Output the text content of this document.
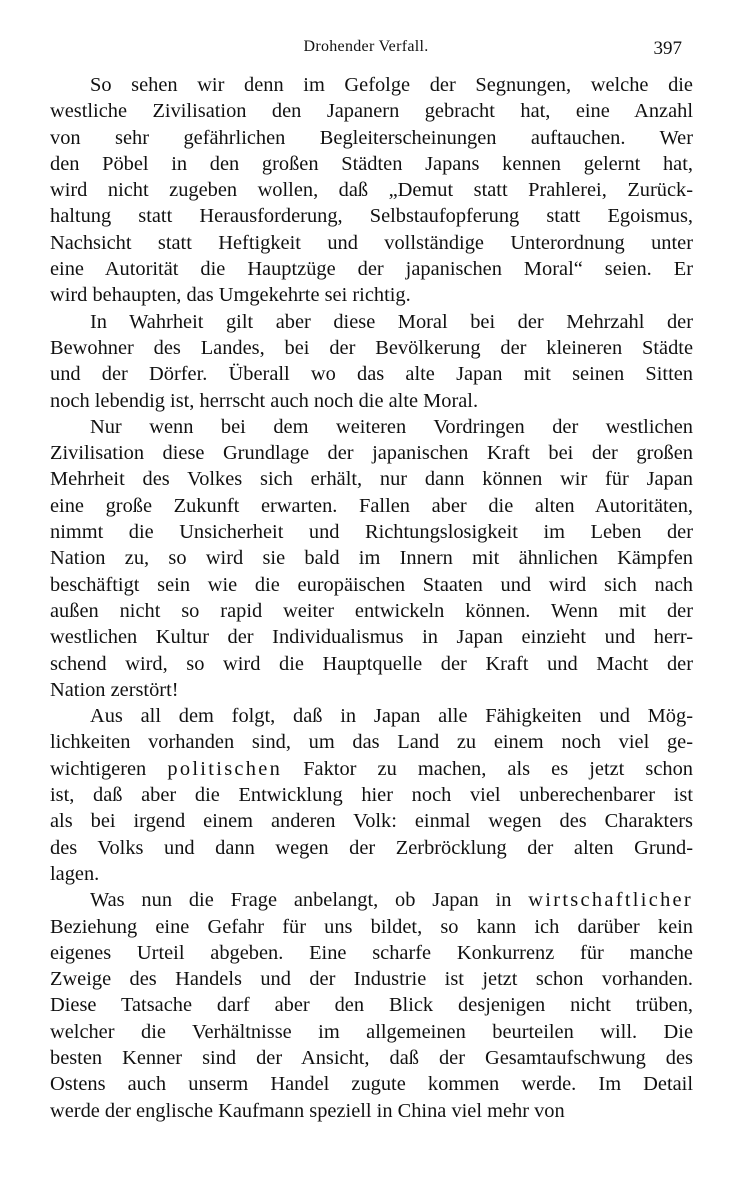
Drohender Verfall.	397
So sehen wir denn im Gefolge der Segnungen, welche die
westliche Zivilisation den Japanern gebracht hat, eine Anzahl
von sehr gefährlichen Begleiterscheinungen auftauchen. Wer
den Pöbel in den großen Städten Japans kennen gelernt hat,
wird nicht zugeben wollen, daß „Demut statt Prahlerei, Zurück-
haltung statt Herausforderung, Selbstaufopferung statt Egoismus,
Nachsicht statt Heftigkeit und vollständige Unterordnung unter
eine Autorität die Hauptzüge der japanischen Moral“ seien. Er
wird behaupten, das Umgekehrte sei richtig.
In Wahrheit gilt aber diese Moral bei der Mehrzahl der
Bewohner des Landes, bei der Bevölkerung der kleineren Städte
und der Dörfer. Überall wo das alte Japan mit seinen Sitten
noch lebendig ist, herrscht auch noch die alte Moral.
Nur wenn bei dem weiteren Vordringen der westlichen
Zivilisation diese Grundlage der japanischen Kraft bei der großen
Mehrheit des Volkes sich erhält, nur dann können wir für Japan
eine große Zukunft erwarten. Fallen aber die alten Autoritäten,
nimmt die Unsicherheit und Richtungslosigkeit im Leben der
Nation zu, so wird sie bald im Innern mit ähnlichen Kämpfen
beschäftigt sein wie die europäischen Staaten und wird sich nach
außen nicht so rapid weiter entwickeln können. Wenn mit der
westlichen Kultur der Individualismus in Japan einzieht und herr-
schend wird, so wird die Hauptquelle der Kraft und Macht der
Nation zerstört!
Aus all dem folgt, daß in Japan alle Fähigkeiten und Mög-
lichkeiten vorhanden sind, um das Land zu einem noch viel ge-
wichtigeren politischen Faktor zu machen, als es jetzt schon
ist, daß aber die Entwicklung hier noch viel unberechenbarer ist
als bei irgend einem anderen Volk: einmal wegen des Charakters
des Volks und dann wegen der Zerbröcklung der alten Grund-
lagen.
Was nun die Frage anbelangt, ob Japan in wirtschaftlicher
Beziehung eine Gefahr für uns bildet, so kann ich darüber kein
eigenes Urteil abgeben. Eine scharfe Konkurrenz für manche
Zweige des Handels und der Industrie ist jetzt schon vorhanden.
Diese Tatsache darf aber den Blick desjenigen nicht trüben,
welcher die Verhältnisse im allgemeinen beurteilen will. Die
besten Kenner sind der Ansicht, daß der Gesamtaufschwung des
Ostens auch unserm Handel zugute kommen werde. Im Detail
werde der englische Kaufmann speziell in China viel mehr von
